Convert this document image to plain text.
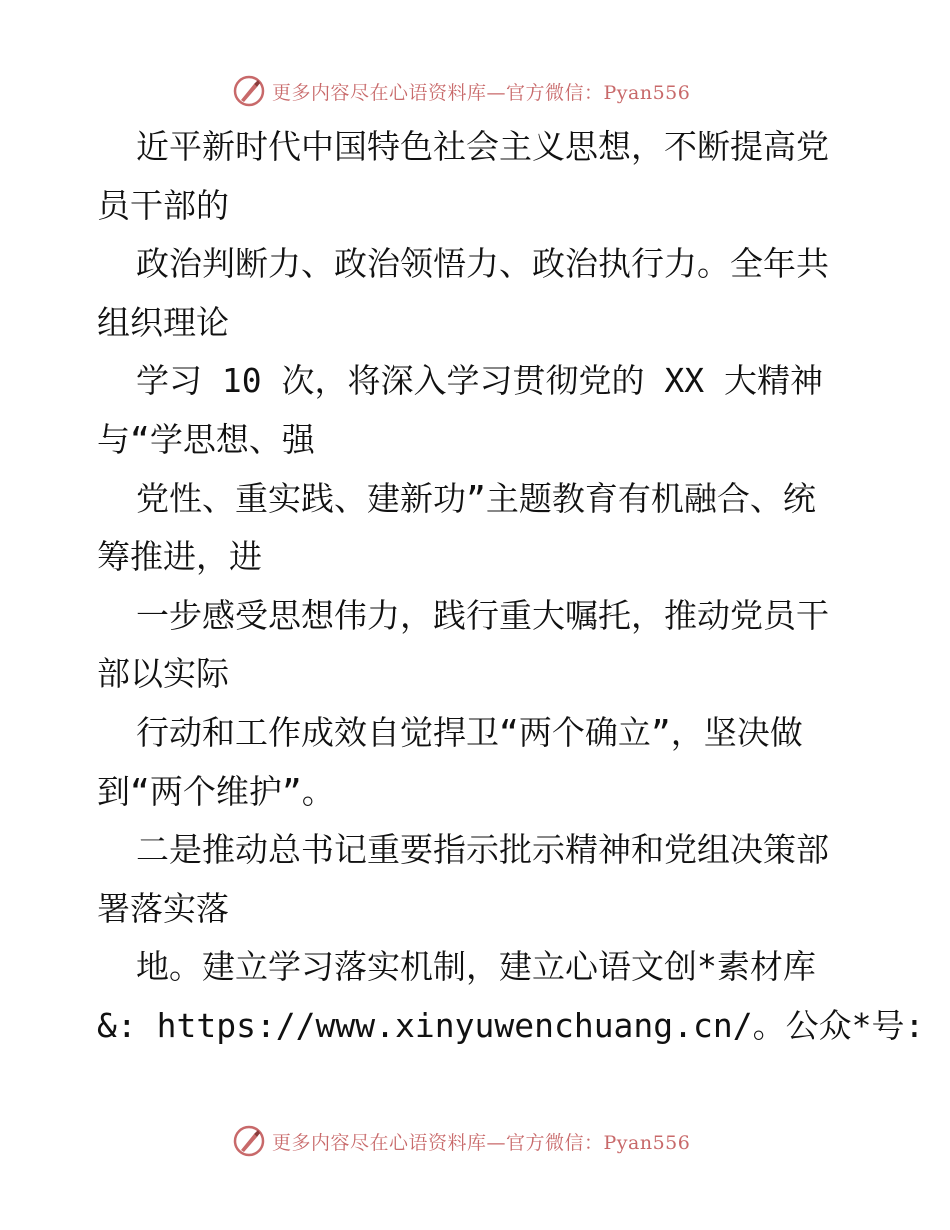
更多内容尽在心语资料库—官方微信：Pyan556
近平新时代中国特色社会主义思想，不断提高党
员干部的
政治判断力、政治领悟力、政治执行力。全年共
组织理论
学习 10 次，将深入学习贯彻党的 XX 大精神
与“学思想、强
党性、重实践、建新功”主题教育有机融合、统
筹推进，进
一步感受思想伟力，践行重大嘱托，推动党员干
部以实际
行动和工作成效自觉捍卫“两个确立”，坚决做
到“两个维护”。
二是推动总书记重要指示批示精神和党组决策部
署落实落
地。建立学习落实机制，建立心语文创*素材库
&: https://www.xinyuwenchuang.cn/。公众*号:
更多内容尽在心语资料库—官方微信：Pyan556
